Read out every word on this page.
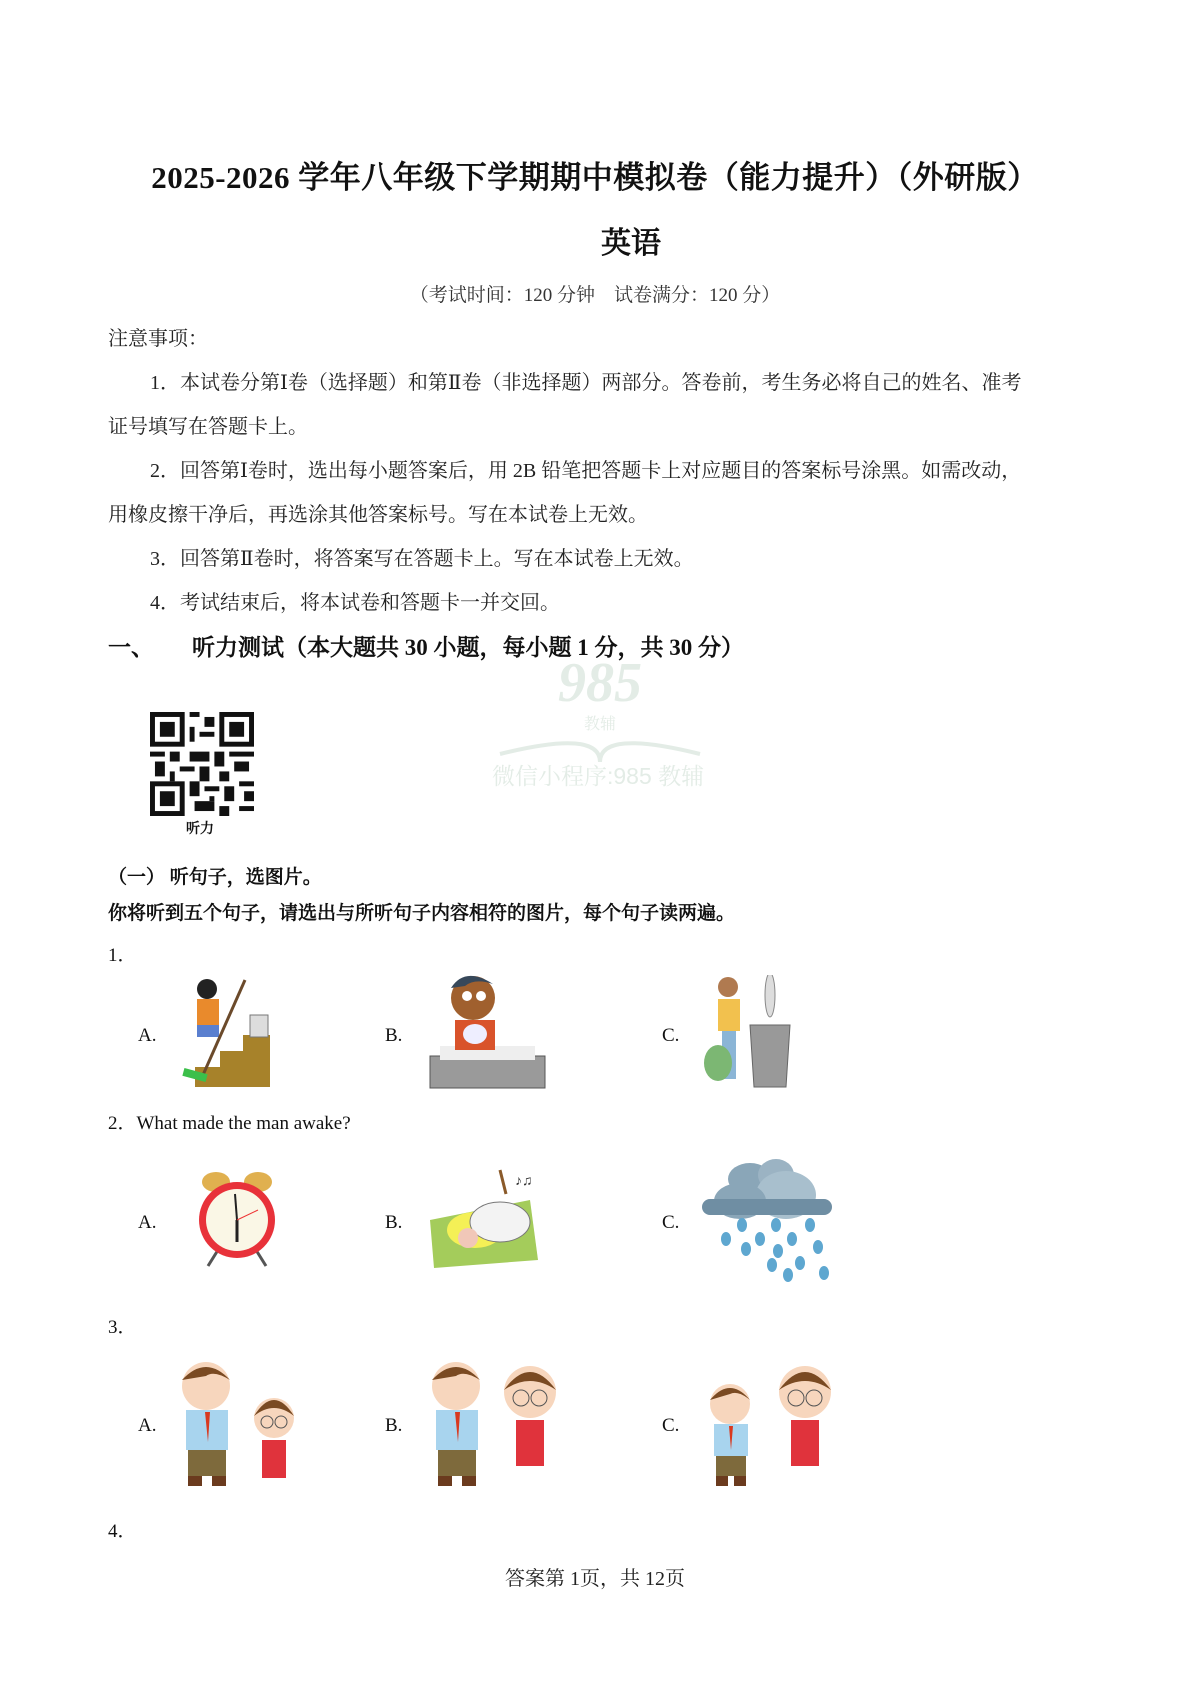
2025-2026 学年八年级下学期期中模拟卷（能力提升）（外研版）
英语
（考试时间：120 分钟　试卷满分：120 分）
注意事项：
1．本试卷分第Ⅰ卷（选择题）和第Ⅱ卷（非选择题）两部分。答卷前，考生务必将自己的姓名、准考
证号填写在答题卡上。
2．回答第Ⅰ卷时，选出每小题答案后，用 2B 铅笔把答题卡上对应题目的答案标号涂黑。如需改动，
用橡皮擦干净后，再选涂其他答案标号。写在本试卷上无效。
3．回答第Ⅱ卷时，将答案写在答题卡上。写在本试卷上无效。
4．考试结束后，将本试卷和答题卡一并交回。
一、 听力测试（本大题共 30 小题，每小题 1 分，共 30 分）
985
教辅
微信小程序:985 教辅
听力
（一） 听句子，选图片。
你将听到五个句子，请选出与所听句子内容相符的图片，每个句子读两遍。
1．
A.	B.	C.
2．What made the man awake?
A.	B.
♪♫
C.
3．
A.	B.	C.
4．
答案第 1页，共 12页
